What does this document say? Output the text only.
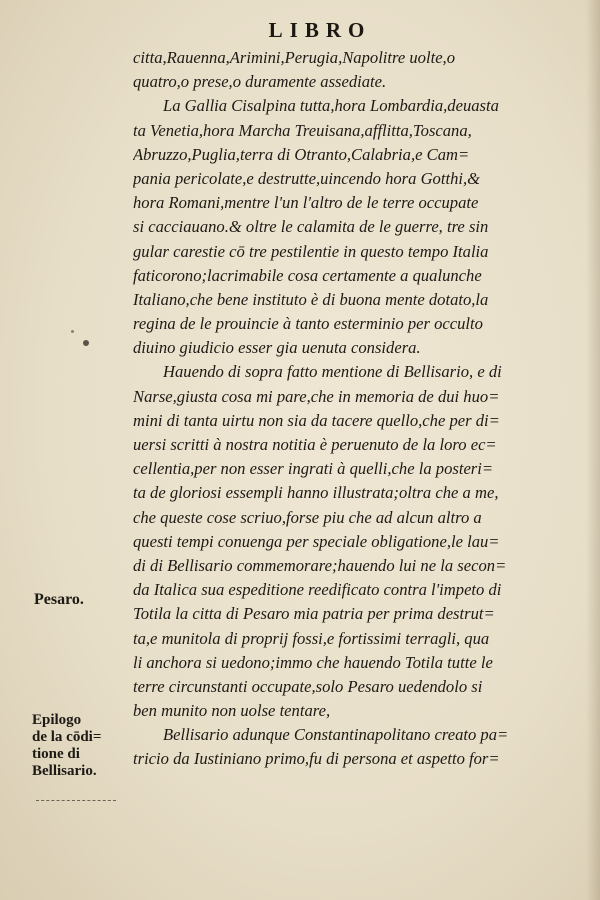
LIBRO
citta,Rauenna,Arimini,Perugia,Napolitre uolte,o
quatro,o prese,o duramente assediate.
La Gallia Cisalpina tutta,hora Lombardia,deuasta
ta Venetia,hora Marcha Treuisana,afflitta,Toscana,
Abruzzo,Puglia,terra di Otranto,Calabria,e Cam=
pania pericolate,e destrutte,uincendo hora Gotthi,&
hora Romani,mentre l'un l'altro de le terre occupate
si cacciauano.& oltre le calamita de le guerre, tre sin
gular carestie cō tre pestilentie in questo tempo Italia
faticorono;lacrimabile cosa certamente a qualunche
Italiano,che bene instituto è di buona mente dotato,la
regina de le prouincie à tanto esterminio per occulto
diuino giudicio esser gia uenuta considera.
Hauendo di sopra fatto mentione di Bellisario, e di
Narse,giusta cosa mi pare,che in memoria de dui huo=
mini di tanta uirtu non sia da tacere quello,che per di=
uersi scritti à nostra notitia è peruenuto de la loro ec=
cellentia,per non esser ingrati à quelli,che la posteri=
ta de gloriosi essempli hanno illustrata;oltra che a me,
che queste cose scriuo,forse piu che ad alcun altro a
questi tempi conuenga per speciale obligatione,le lau=
di di Bellisario commemorare;hauendo lui ne la secon=
da Italica sua espeditione reedificato contra l'impeto di
Totila la citta di Pesaro mia patria per prima destrut=
ta,e munitola di proprij fossi,e fortissimi terragli, qua
li anchora si uedono;immo che hauendo Totila tutte le
terre circunstanti occupate,solo Pesaro uedendolo si
ben munito non uolse tentare,
Bellisario adunque Constantinapolitano creato pa=
tricio da Iustiniano primo,fu di persona et aspetto for=
Pesaro.
Epilogo
de la cōdi=
tione di
Bellisario.
